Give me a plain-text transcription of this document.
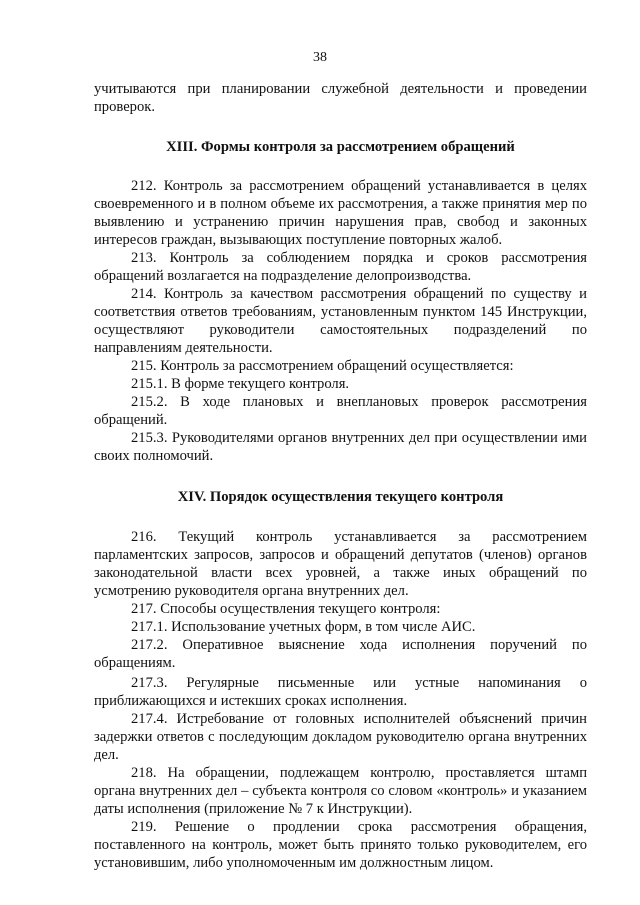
38

учитываются при планировании служебной деятельности и проведении проверок.

XIII. Формы контроля за рассмотрением обращений

212. Контроль за рассмотрением обращений устанавливается в целях своевременного и в полном объеме их рассмотрения, а также принятия мер по выявлению и устранению причин нарушения прав, свобод и законных интересов граждан, вызывающих поступление повторных жалоб.

213. Контроль за соблюдением порядка и сроков рассмотрения обращений возлагается на подразделение делопроизводства.

214. Контроль за качеством рассмотрения обращений по существу и соответствия ответов требованиям, установленным пунктом 145 Инструкции, осуществляют руководители самостоятельных подразделений по направлениям деятельности.

215. Контроль за рассмотрением обращений осуществляется:

215.1. В форме текущего контроля.

215.2. В ходе плановых и внеплановых проверок рассмотрения обращений.

215.3. Руководителями органов внутренних дел при осуществлении ими своих полномочий.

XIV. Порядок осуществления текущего контроля

216. Текущий контроль устанавливается за рассмотрением парламентских запросов, запросов и обращений депутатов (членов) органов законодательной власти всех уровней, а также иных обращений по усмотрению руководителя органа внутренних дел.

217. Способы осуществления текущего контроля:

217.1. Использование учетных форм, в том числе АИС.

217.2. Оперативное выяснение хода исполнения поручений по обращениям.

217.3. Регулярные письменные или устные напоминания о приближающихся и истекших сроках исполнения.

217.4. Истребование от головных исполнителей объяснений причин задержки ответов с последующим докладом руководителю органа внутренних дел.

218. На обращении, подлежащем контролю, проставляется штамп органа внутренних дел – субъекта контроля со словом «контроль» и указанием даты исполнения (приложение № 7 к Инструкции).

219. Решение о продлении срока рассмотрения обращения, поставленного на контроль, может быть принято только руководителем, его установившим, либо уполномоченным им должностным лицом.
